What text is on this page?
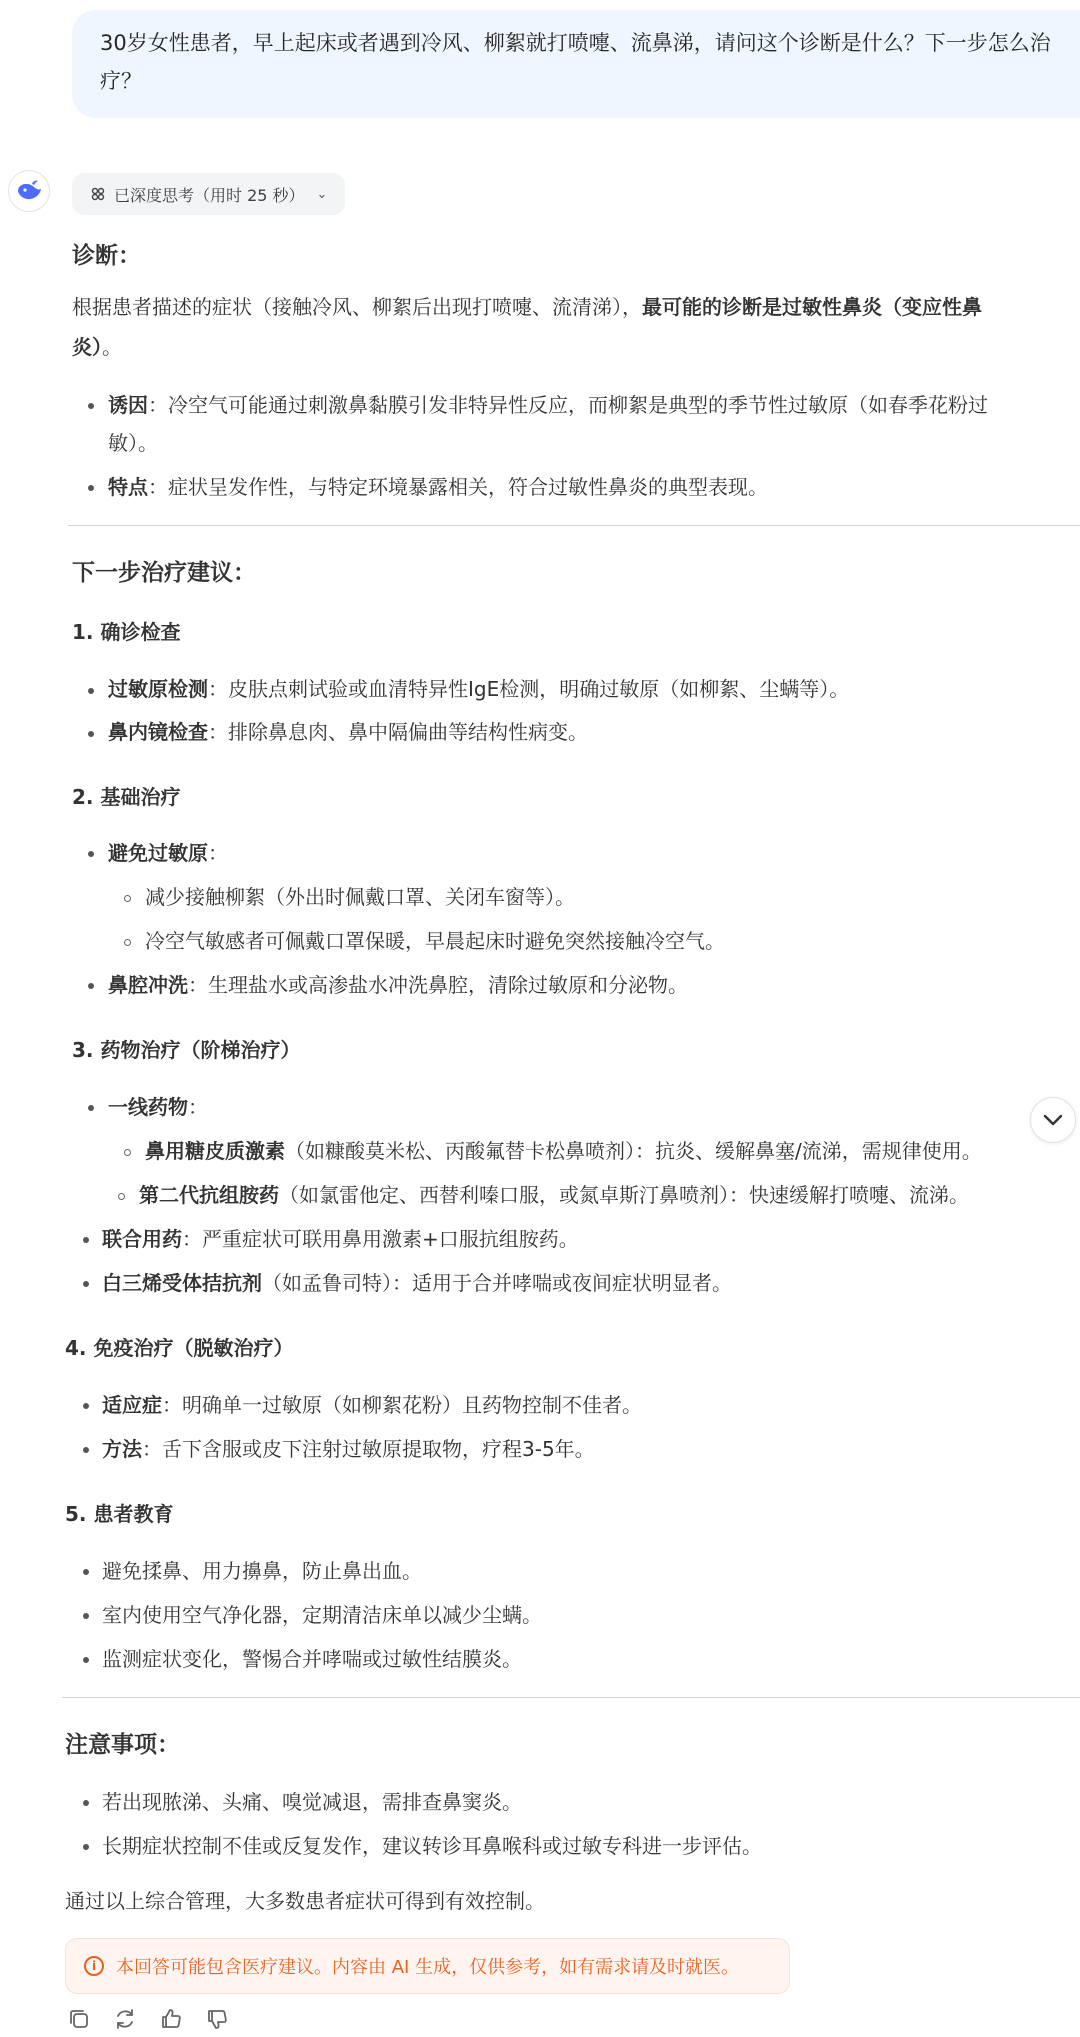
30岁女性患者，早上起床或者遇到冷风、柳絮就打喷嚏、流鼻涕，请问这个诊断是什么？下一步怎么治疗？
已深度思考（用时 25 秒） ⌄
诊断：
根据患者描述的症状（接触冷风、柳絮后出现打喷嚏、流清涕），最可能的诊断是过敏性鼻炎（变应性鼻
炎）。
诱因：冷空气可能通过刺激鼻黏膜引发非特异性反应，而柳絮是典型的季节性过敏原（如春季花粉过
敏）。
特点：症状呈发作性，与特定环境暴露相关，符合过敏性鼻炎的典型表现。
下一步治疗建议：
1. 确诊检查
过敏原检测：皮肤点刺试验或血清特异性IgE检测，明确过敏原（如柳絮、尘螨等）。
鼻内镜检查：排除鼻息肉、鼻中隔偏曲等结构性病变。
2. 基础治疗
避免过敏原：
减少接触柳絮（外出时佩戴口罩、关闭车窗等）。
冷空气敏感者可佩戴口罩保暖，早晨起床时避免突然接触冷空气。
鼻腔冲洗：生理盐水或高渗盐水冲洗鼻腔，清除过敏原和分泌物。
3. 药物治疗（阶梯治疗）
一线药物：
鼻用糖皮质激素（如糠酸莫米松、丙酸氟替卡松鼻喷剂）：抗炎、缓解鼻塞/流涕，需规律使用。
第二代抗组胺药（如氯雷他定、西替利嗪口服，或氮卓斯汀鼻喷剂）：快速缓解打喷嚏、流涕。
联合用药：严重症状可联用鼻用激素+口服抗组胺药。
白三烯受体拮抗剂（如孟鲁司特）：适用于合并哮喘或夜间症状明显者。
4. 免疫治疗（脱敏治疗）
适应症：明确单一过敏原（如柳絮花粉）且药物控制不佳者。
方法：舌下含服或皮下注射过敏原提取物，疗程3-5年。
5. 患者教育
避免揉鼻、用力擤鼻，防止鼻出血。
室内使用空气净化器，定期清洁床单以减少尘螨。
监测症状变化，警惕合并哮喘或过敏性结膜炎。
注意事项：
若出现脓涕、头痛、嗅觉减退，需排查鼻窦炎。
长期症状控制不佳或反复发作，建议转诊耳鼻喉科或过敏专科进一步评估。
通过以上综合管理，大多数患者症状可得到有效控制。
i	本回答可能包含医疗建议。内容由 AI 生成，仅供参考，如有需求请及时就医。
